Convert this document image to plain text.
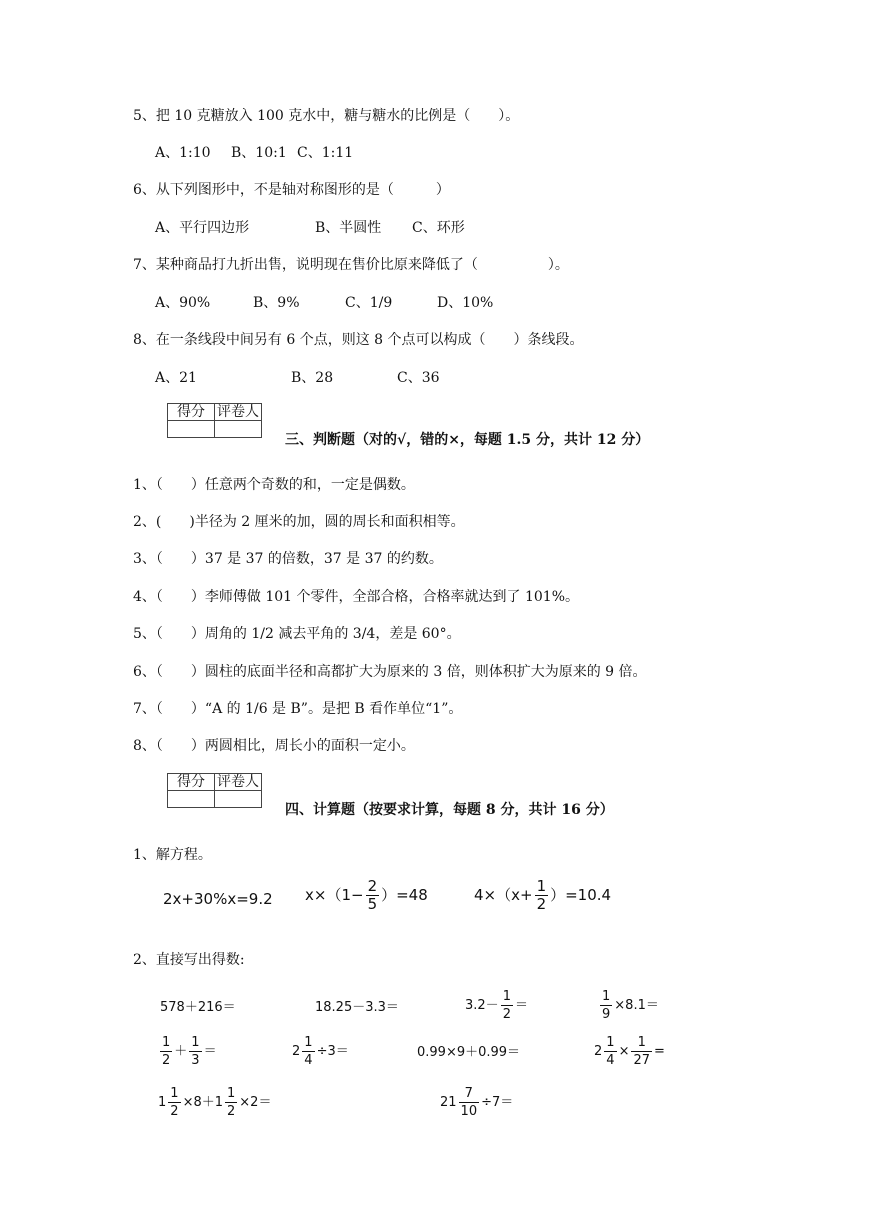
5、把 10 克糖放入 100 克水中，糖与糖水的比例是（　　）。
A、1:10 B、10:1 C、1:11
6、从下列图形中，不是轴对称图形的是（　　　）
A、平行四边形	B、半圆性 C、环形
7、某种商品打九折出售，说明现在售价比原来降低了（　　　　　）。
A、90%	B、9%	C、1/9	D、10%
8、在一条线段中间另有 6 个点，则这 8 个点可以构成（　　）条线段。
A、21	B、28	C、36
得分	评卷人

三、判断题（对的√，错的×，每题 1.5 分，共计 12 分）
1、（　　）任意两个奇数的和，一定是偶数。
2、(　　)半径为 2 厘米的加，圆的周长和面积相等。
3、（　　）37 是 37 的倍数，37 是 37 的约数。
4、（　　）李师傅做 101 个零件，全部合格，合格率就达到了 101%。
5、（　　）周角的 1/2 减去平角的 3/4，差是 60°。
6、（　　）圆柱的底面半径和高都扩大为原来的 3 倍，则体积扩大为原来的 9 倍。
7、（　　）“A 的 1/6 是 B”。是把 B 看作单位“1”。
8、（　　）两圆相比，周长小的面积一定小。
得分	评卷人

四、计算题（按要求计算，每题 8 分，共计 16 分）
1、解方程。
2x+30%x=9.2 $x\times(1- \frac{2}{5} )=48$	$4\times(x+ \frac{1}{2} )=10.4$
2、直接写出得数:
578＋216＝	18.25－3.3＝	$3.2- \frac{1}{2}$ ＝	$\frac{1}{9} \times 8.1=$
$\frac{1}{2} + \frac{1}{3}$ ＝	$2 \frac{1}{4} \div 3=$	0.99×9＋0.99＝	$2 \frac{1}{4} \times \frac{1}{27}$ =
$1 \frac{1}{2} \times 8+1 \frac{1}{2} \times 2=$	$21 \frac{7}{10} \div 7=$
